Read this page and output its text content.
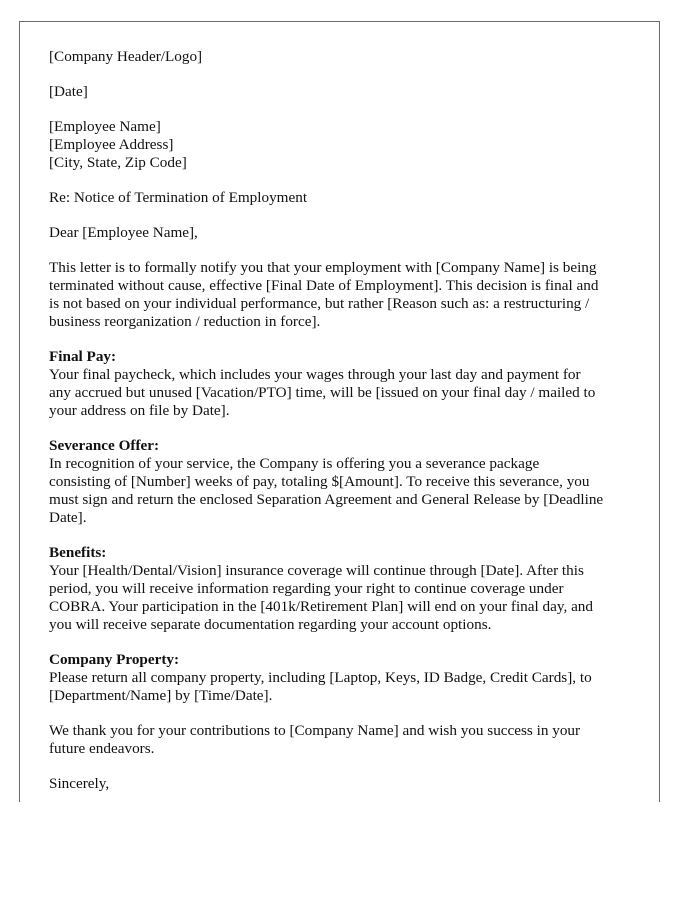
[Company Header/Logo]
[Date]
[Employee Name]
[Employee Address]
[City, State, Zip Code]
Re: Notice of Termination of Employment
Dear [Employee Name],
This letter is to formally notify you that your employment with [Company Name] is being
terminated without cause, effective [Final Date of Employment]. This decision is final and
is not based on your individual performance, but rather [Reason such as: a restructuring /
business reorganization / reduction in force].
Final Pay:
Your final paycheck, which includes your wages through your last day and payment for
any accrued but unused [Vacation/PTO] time, will be [issued on your final day / mailed to
your address on file by Date].
Severance Offer:
In recognition of your service, the Company is offering you a severance package
consisting of [Number] weeks of pay, totaling $[Amount]. To receive this severance, you
must sign and return the enclosed Separation Agreement and General Release by [Deadline
Date].
Benefits:
Your [Health/Dental/Vision] insurance coverage will continue through [Date]. After this
period, you will receive information regarding your right to continue coverage under
COBRA. Your participation in the [401k/Retirement Plan] will end on your final day, and
you will receive separate documentation regarding your account options.
Company Property:
Please return all company property, including [Laptop, Keys, ID Badge, Credit Cards], to
[Department/Name] by [Time/Date].
We thank you for your contributions to [Company Name] and wish you success in your
future endeavors.
Sincerely,
